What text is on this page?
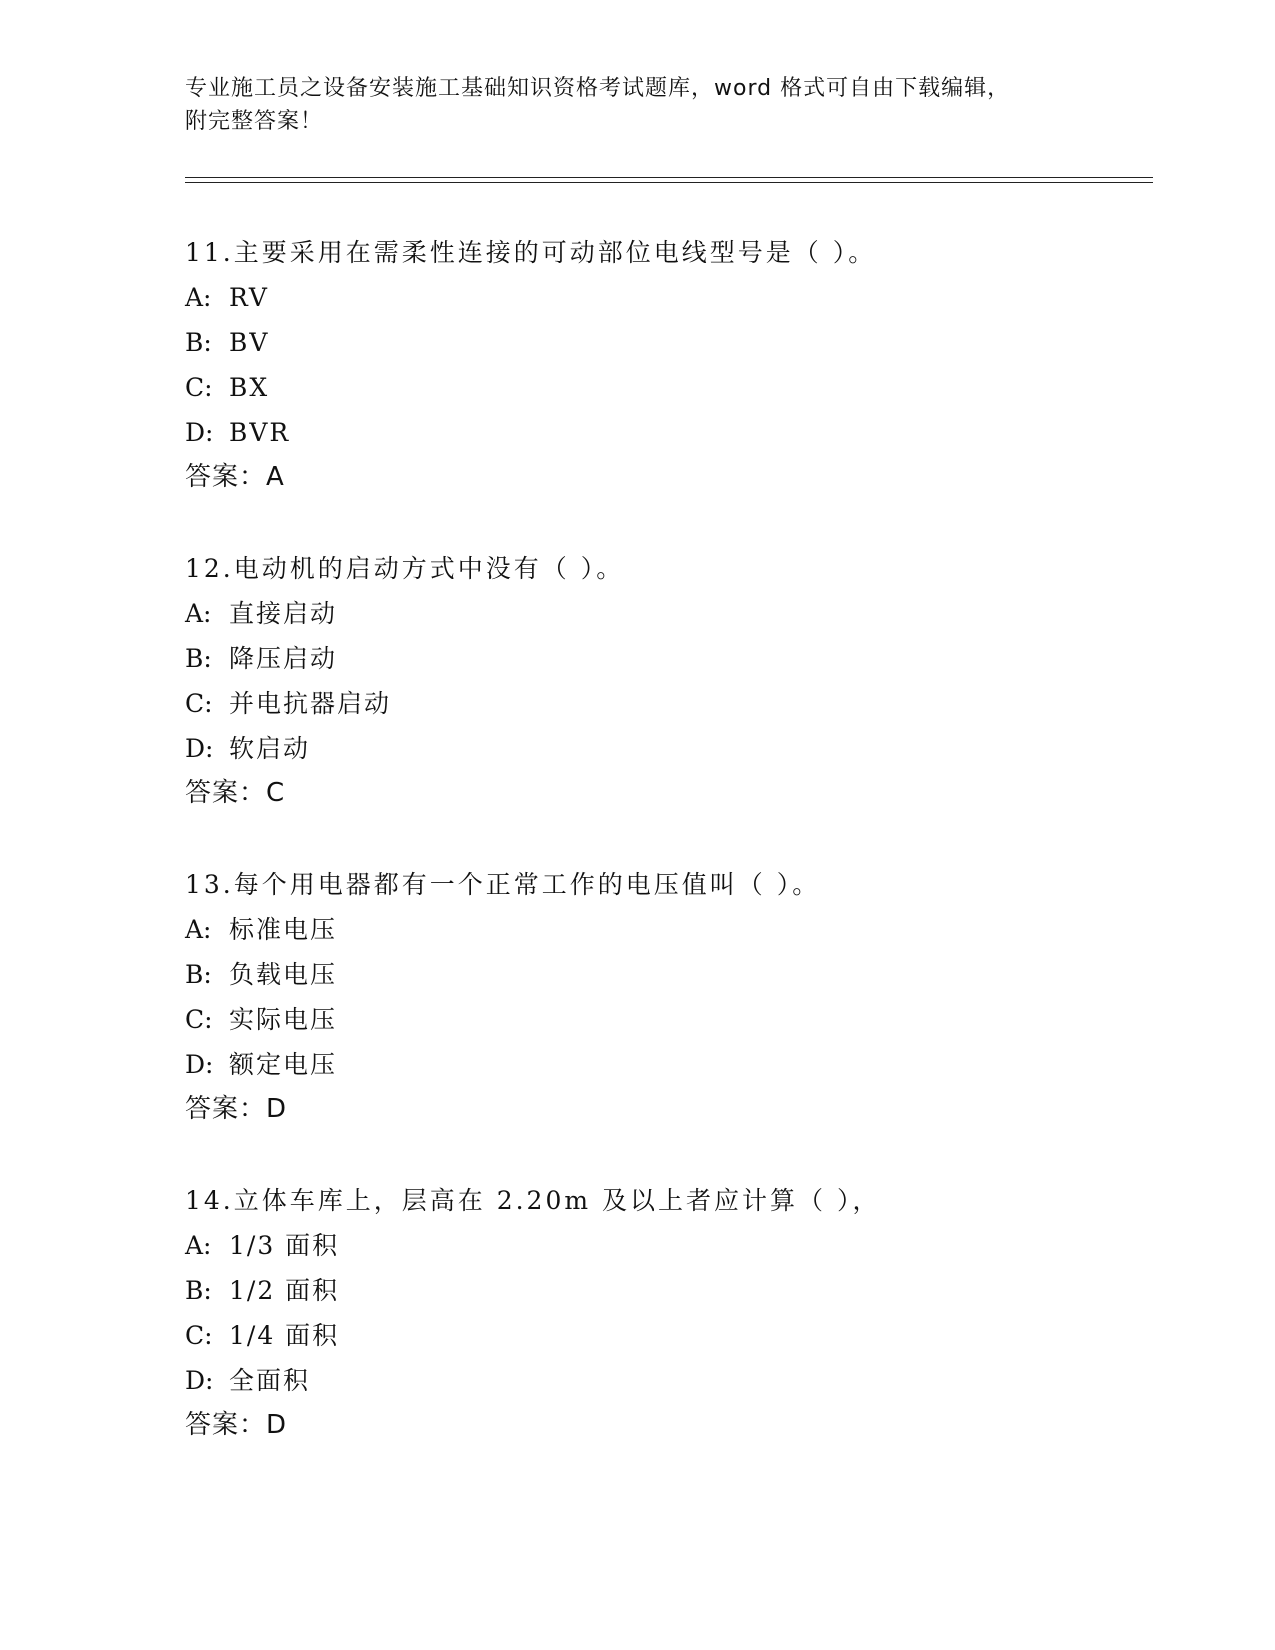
专业施工员之设备安装施工基础知识资格考试题库，word 格式可自由下载编辑，
附完整答案！
11.主要采用在需柔性连接的可动部位电线型号是（ ）。
A: RV
B: BV
C: BX
D: BVR
答案：A
12.电动机的启动方式中没有（ ）。
A: 直接启动
B: 降压启动
C: 并电抗器启动
D: 软启动
答案：C
13.每个用电器都有一个正常工作的电压值叫（ ）。
A: 标准电压
B: 负载电压
C: 实际电压
D: 额定电压
答案：D
14.立体车库上，层高在 2.20m 及以上者应计算（ ），
A: 1/3 面积
B: 1/2 面积
C: 1/4 面积
D: 全面积
答案：D
